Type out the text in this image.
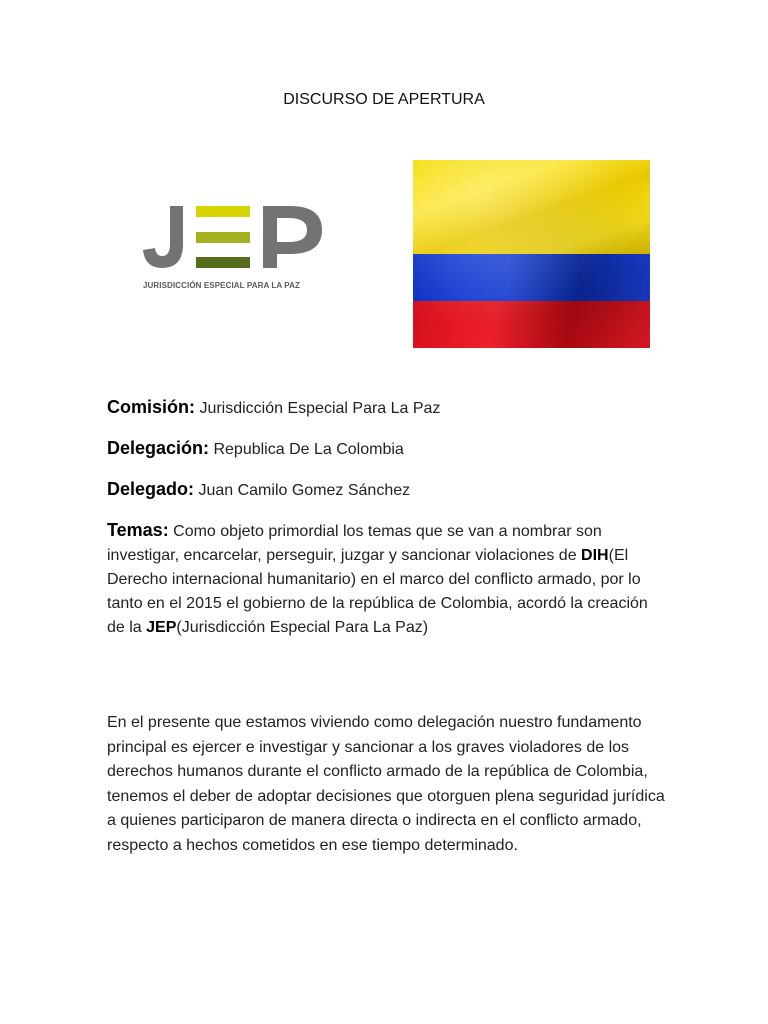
DISCURSO DE APERTURA
JURISDICCIÓN ESPECIAL PARA LA PAZ
Comisión: Jurisdicción Especial Para La Paz
Delegación: Republica De La Colombia
Delegado: Juan Camilo Gomez Sánchez
Temas: Como objeto primordial los temas que se van a nombrar son investigar, encarcelar, perseguir, juzgar y sancionar violaciones de DIH(El Derecho internacional humanitario) en el marco del conflicto armado, por lo tanto en el 2015 el gobierno de la república de Colombia, acordó la creación de la JEP(Jurisdicción Especial Para La Paz)
En el presente que estamos viviendo como delegación nuestro fundamento principal es ejercer e investigar y sancionar a los graves violadores de los derechos humanos durante el conflicto armado de la república de Colombia, tenemos el deber de adoptar decisiones que otorguen plena seguridad jurídica a quienes participaron de manera directa o indirecta en el conflicto armado, respecto a hechos cometidos en ese tiempo determinado.
